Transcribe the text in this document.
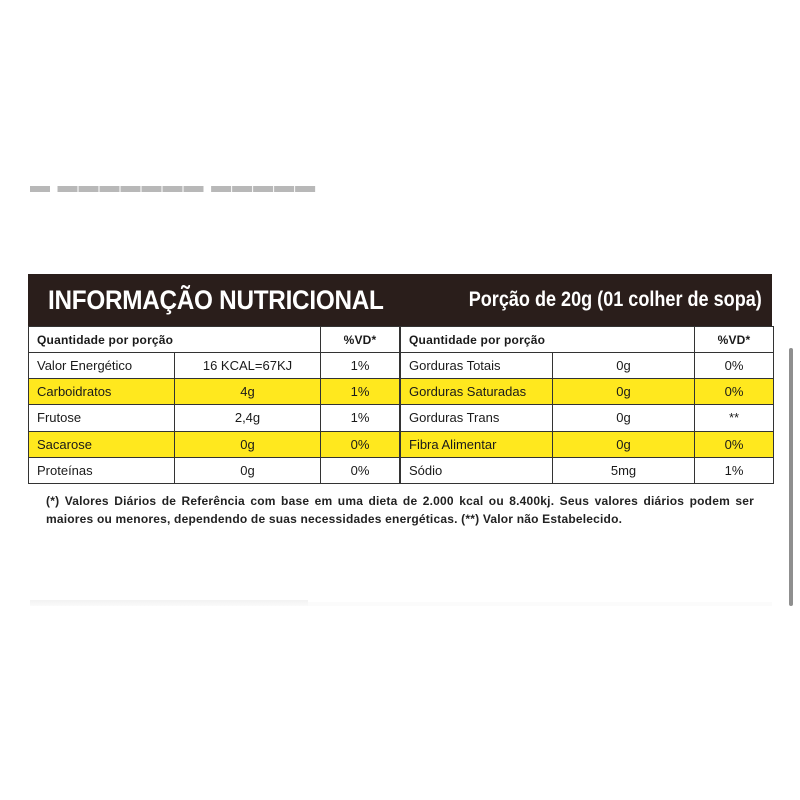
▬ ▬▬▬▬▬▬▬ ▬▬▬▬▬
INFORMAÇÃO NUTRICIONAL	Porção de 20g (01 colher de sopa)
Quantidade por porção		%VD*
Valor Energético	16 KCAL=67KJ	1%
Carboidratos	4g	1%
Frutose	2,4g	1%
Sacarose	0g	0%
Proteínas	0g	0%
Quantidade por porção		%VD*
Gorduras Totais	0g	0%
Gorduras Saturadas	0g	0%
Gorduras Trans	0g	**
Fibra Alimentar	0g	0%
Sódio	5mg	1%
(*) Valores Diários de Referência com base em uma dieta de 2.000 kcal ou 8.400kj. Seus valores diários podem ser maiores ou menores, dependendo de suas necessidades energéticas. (**) Valor não Estabelecido.
